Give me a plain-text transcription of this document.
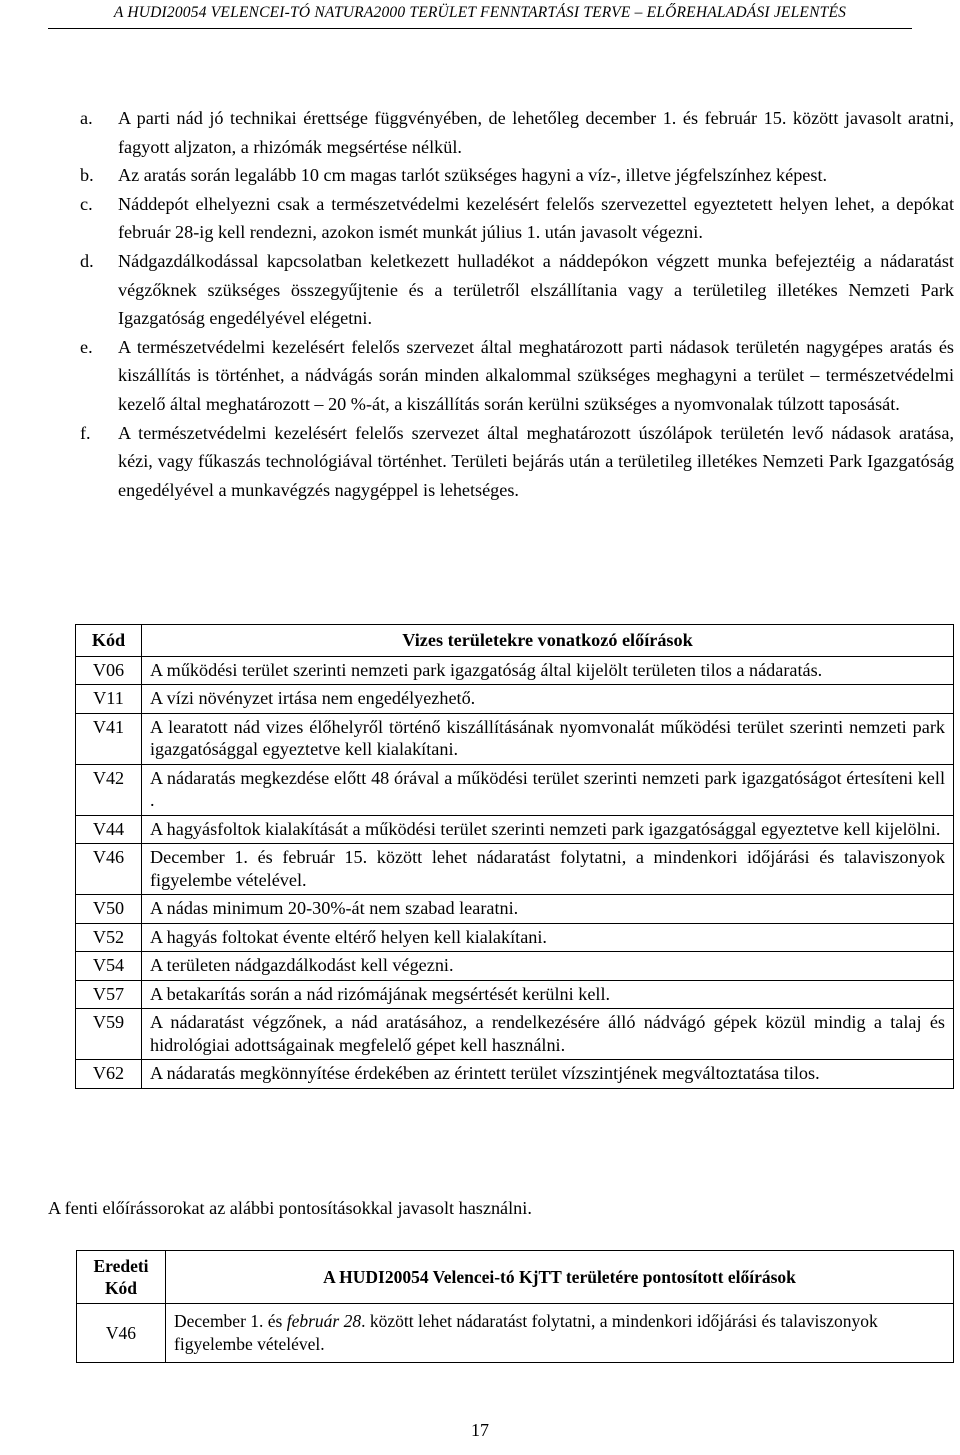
A HUDI20054 VELENCEI-TÓ NATURA2000 TERÜLET FENNTARTÁSI TERVE – ELŐREHALADÁSI JELENTÉS
a. A parti nád jó technikai érettsége függvényében, de lehetőleg december 1. és február 15. között javasolt aratni, fagyott aljzaton, a rhizómák megsértése nélkül.
b. Az aratás során legalább 10 cm magas tarlót szükséges hagyni a víz-, illetve jégfelszínhez képest.
c. Náddepót elhelyezni csak a természetvédelmi kezelésért felelős szervezettel egyeztetett helyen lehet, a depókat február 28-ig kell rendezni, azokon ismét munkát július 1. után javasolt végezni.
d. Nádgazdálkodással kapcsolatban keletkezett hulladékot a náddepókon végzett munka befejeztéig a nádaratást végzőknek szükséges összegyűjtenie és a területről elszállítania vagy a területileg illetékes Nemzeti Park Igazgatóság engedélyével elégetni.
e. A természetvédelmi kezelésért felelős szervezet által meghatározott parti nádasok területén nagygépes aratás és kiszállítás is történhet, a nádvágás során minden alkalommal szükséges meghagyni a terület – természetvédelmi kezelő által meghatározott – 20 %-át, a kiszállítás során kerülni szükséges a nyomvonalak túlzott taposását.
f. A természetvédelmi kezelésért felelős szervezet által meghatározott úszólápok területén levő nádasok aratása, kézi, vagy fűkaszás technológiával történhet. Területi bejárás után a területileg illetékes Nemzeti Park Igazgatóság engedélyével a munkavégzés nagygéppel is lehetséges.
Kód	Vizes területekre vonatkozó előírások
V06	A működési terület szerinti nemzeti park igazgatóság által kijelölt területen tilos a nádaratás.
V11	A vízi növényzet irtása nem engedélyezhető.
V41	A learatott nád vizes élőhelyről történő kiszállításának nyomvonalát működési terület szerinti nemzeti park igazgatósággal egyeztetve kell kialakítani.
V42	A nádaratás megkezdése előtt 48 órával a működési terület szerinti nemzeti park igazgatóságot értesíteni kell .
V44	A hagyásfoltok kialakítását a működési terület szerinti nemzeti park igazgatósággal egyeztetve kell kijelölni.
V46	December 1. és február 15. között lehet nádaratást folytatni, a mindenkori időjárási és talaviszonyok figyelembe vételével.
V50	A nádas minimum 20-30%-át nem szabad learatni.
V52	A hagyás foltokat évente eltérő helyen kell kialakítani.
V54	A területen nádgazdálkodást kell végezni.
V57	A betakarítás során a nád rizómájának megsértését kerülni kell.
V59	A nádaratást végzőnek, a nád aratásához, a rendelkezésére álló nádvágó gépek közül mindig a talaj és hidrológiai adottságainak megfelelő gépet kell használni.
V62	A nádaratás megkönnyítése érdekében az érintett terület vízszintjének megváltoztatása tilos.
A fenti előírássorokat az alábbi pontosításokkal javasolt használni.
Eredeti Kód	A HUDI20054 Velencei-tó KjTT területére pontosított előírások
V46	December 1. és február 28. között lehet nádaratást folytatni, a mindenkori időjárási és talaviszonyok figyelembe vételével.
17
